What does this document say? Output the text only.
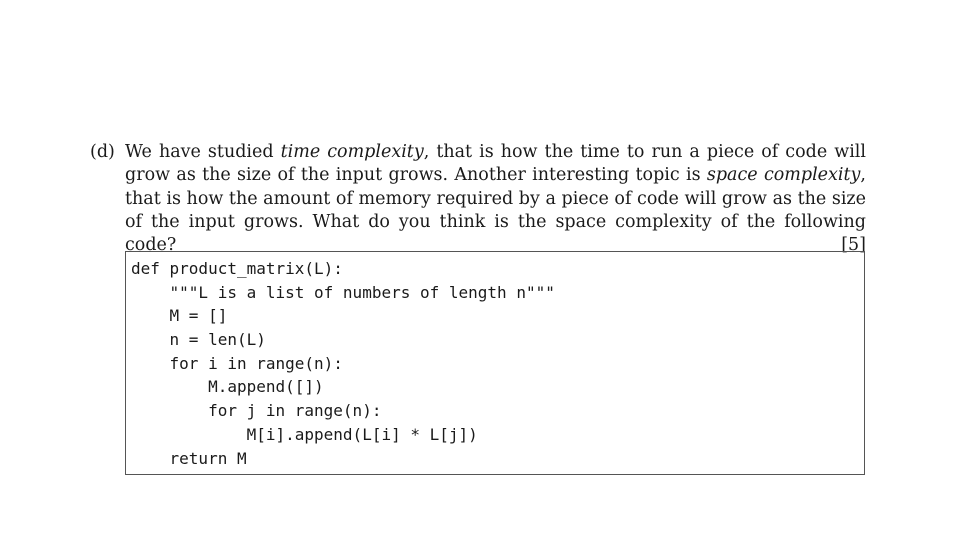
(d) We have studied time complexity, that is how the time to run a piece of code will grow as the size of the input grows. Another interesting topic is space complexity, that is how the amount of memory required by a piece of code will grow as the size of the input grows. What do you think is the space complexity of the following code?	[5]
def product_matrix(L):
"""L is a list of numbers of length n"""
M = []
n = len(L)
for i in range(n):
M.append([])
for j in range(n):
M[i].append(L[i] * L[j])
return M
